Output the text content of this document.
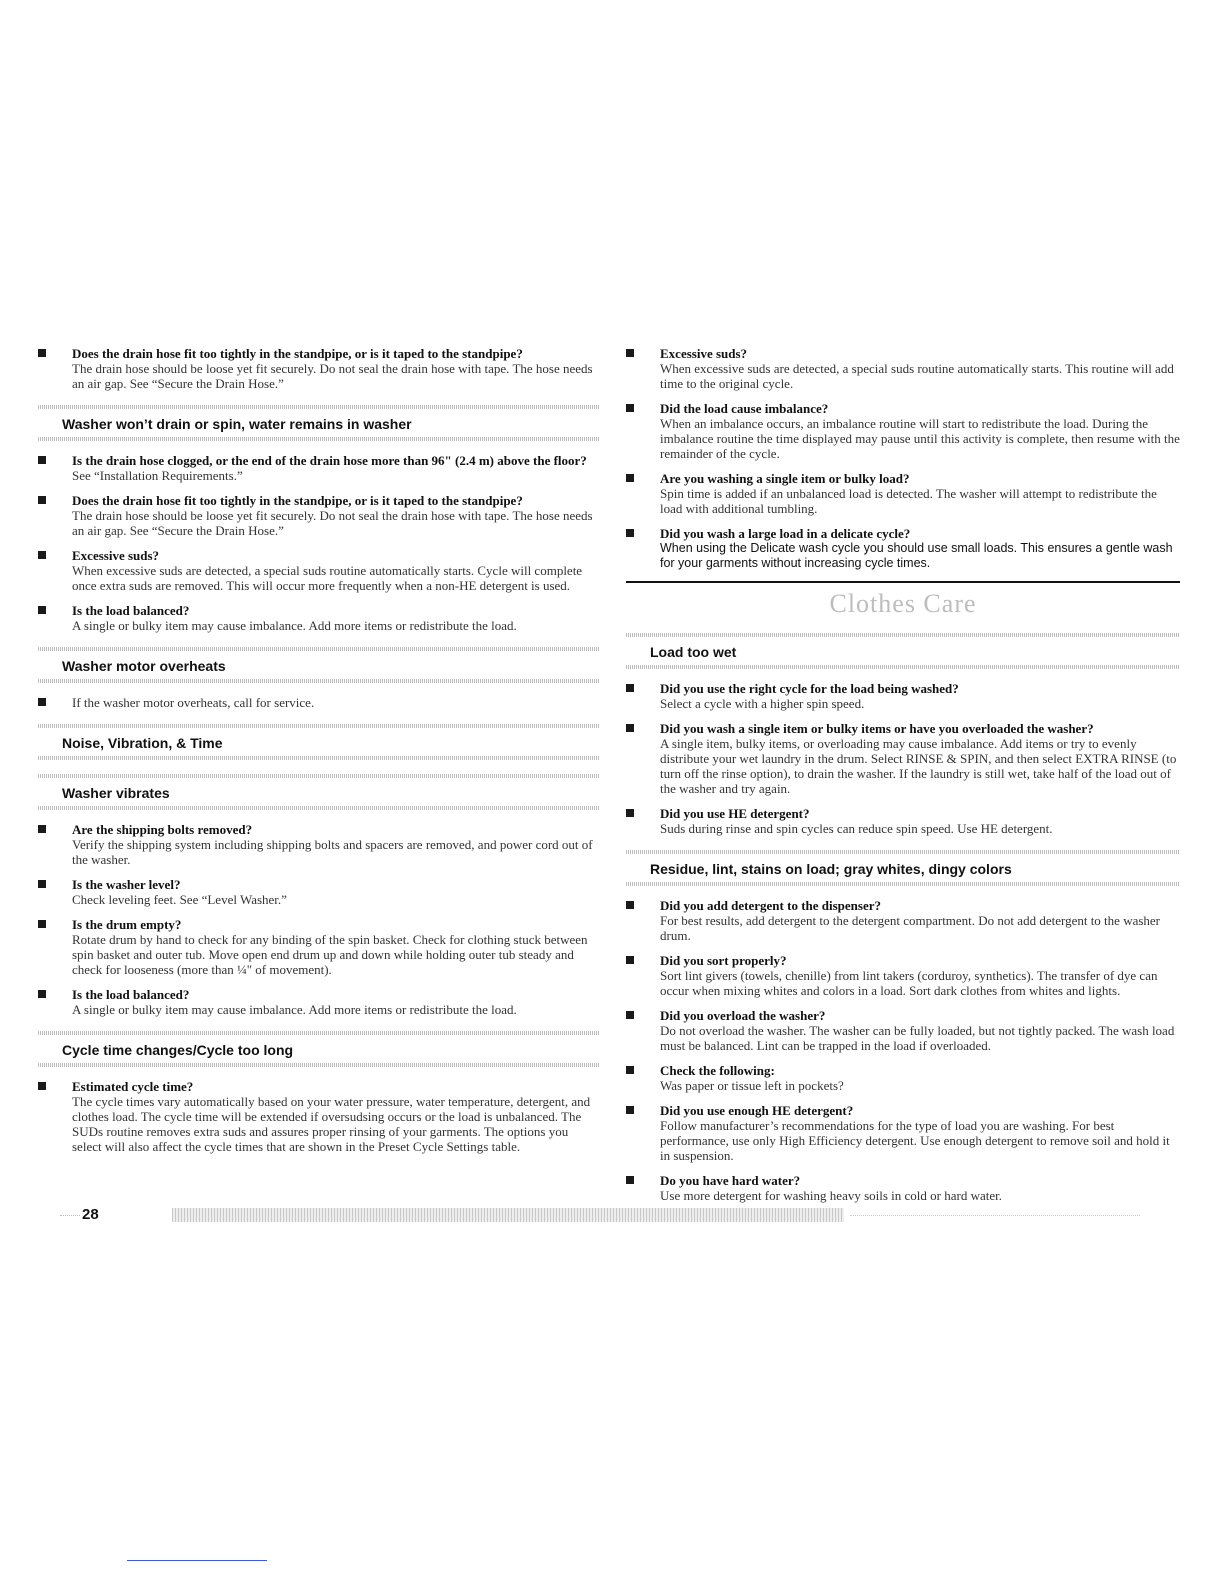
Does the drain hose fit too tightly in the standpipe, or is it taped to the standpipe?
The drain hose should be loose yet fit securely. Do not seal the drain hose with tape. The hose needs an air gap. See “Secure the Drain Hose.”
Washer won’t drain or spin, water remains in washer
Is the drain hose clogged, or the end of the drain hose more than 96" (2.4 m) above the floor?
See “Installation Requirements.”
Does the drain hose fit too tightly in the standpipe, or is it taped to the standpipe?
The drain hose should be loose yet fit securely. Do not seal the drain hose with tape. The hose needs an air gap. See “Secure the Drain Hose.”
Excessive suds?
When excessive suds are detected, a special suds routine automatically starts. Cycle will complete once extra suds are removed. This will occur more frequently when a non-HE detergent is used.
Is the load balanced?
A single or bulky item may cause imbalance. Add more items or redistribute the load.
Washer motor overheats
If the washer motor overheats, call for service.
Noise, Vibration, & Time
Washer vibrates
Are the shipping bolts removed?
Verify the shipping system including shipping bolts and spacers are removed, and power cord out of the washer.
Is the washer level?
Check leveling feet. See “Level Washer.”
Is the drum empty?
Rotate drum by hand to check for any binding of the spin basket. Check for clothing stuck between spin basket and outer tub. Move open end drum up and down while holding outer tub steady and check for looseness (more than ¼" of movement).
Is the load balanced?
A single or bulky item may cause imbalance. Add more items or redistribute the load.
Cycle time changes/Cycle too long
Estimated cycle time?
The cycle times vary automatically based on your water pressure, water temperature, detergent, and clothes load. The cycle time will be extended if oversudsing occurs or the load is unbalanced. The SUDs routine removes extra suds and assures proper rinsing of your garments. The options you select will also affect the cycle times that are shown in the Preset Cycle Settings table.
Excessive suds?
When excessive suds are detected, a special suds routine automatically starts. This routine will add time to the original cycle.
Did the load cause imbalance?
When an imbalance occurs, an imbalance routine will start to redistribute the load. During the imbalance routine the time displayed may pause until this activity is complete, then resume with the remainder of the cycle.
Are you washing a single item or bulky load?
Spin time is added if an unbalanced load is detected. The washer will attempt to redistribute the load with additional tumbling.
Did you wash a large load in a delicate cycle?
When using the Delicate wash cycle you should use small loads. This ensures a gentle wash for your garments without increasing cycle times.
Clothes Care
Load too wet
Did you use the right cycle for the load being washed?
Select a cycle with a higher spin speed.
Did you wash a single item or bulky items or have you overloaded the washer?
A single item, bulky items, or overloading may cause imbalance. Add items or try to evenly distribute your wet laundry in the drum. Select RINSE & SPIN, and then select EXTRA RINSE (to turn off the rinse option), to drain the washer. If the laundry is still wet, take half of the load out of the washer and try again.
Did you use HE detergent?
Suds during rinse and spin cycles can reduce spin speed. Use HE detergent.
Residue, lint, stains on load; gray whites, dingy colors
Did you add detergent to the dispenser?
For best results, add detergent to the detergent compartment. Do not add detergent to the washer drum.
Did you sort properly?
Sort lint givers (towels, chenille) from lint takers (corduroy, synthetics). The transfer of dye can occur when mixing whites and colors in a load. Sort dark clothes from whites and lights.
Did you overload the washer?
Do not overload the washer. The washer can be fully loaded, but not tightly packed. The wash load must be balanced. Lint can be trapped in the load if overloaded.
Check the following:
Was paper or tissue left in pockets?
Did you use enough HE detergent?
Follow manufacturer’s recommendations for the type of load you are washing. For best performance, use only High Efficiency detergent. Use enough detergent to remove soil and hold it in suspension.
Do you have hard water?
Use more detergent for washing heavy soils in cold or hard water.
28
